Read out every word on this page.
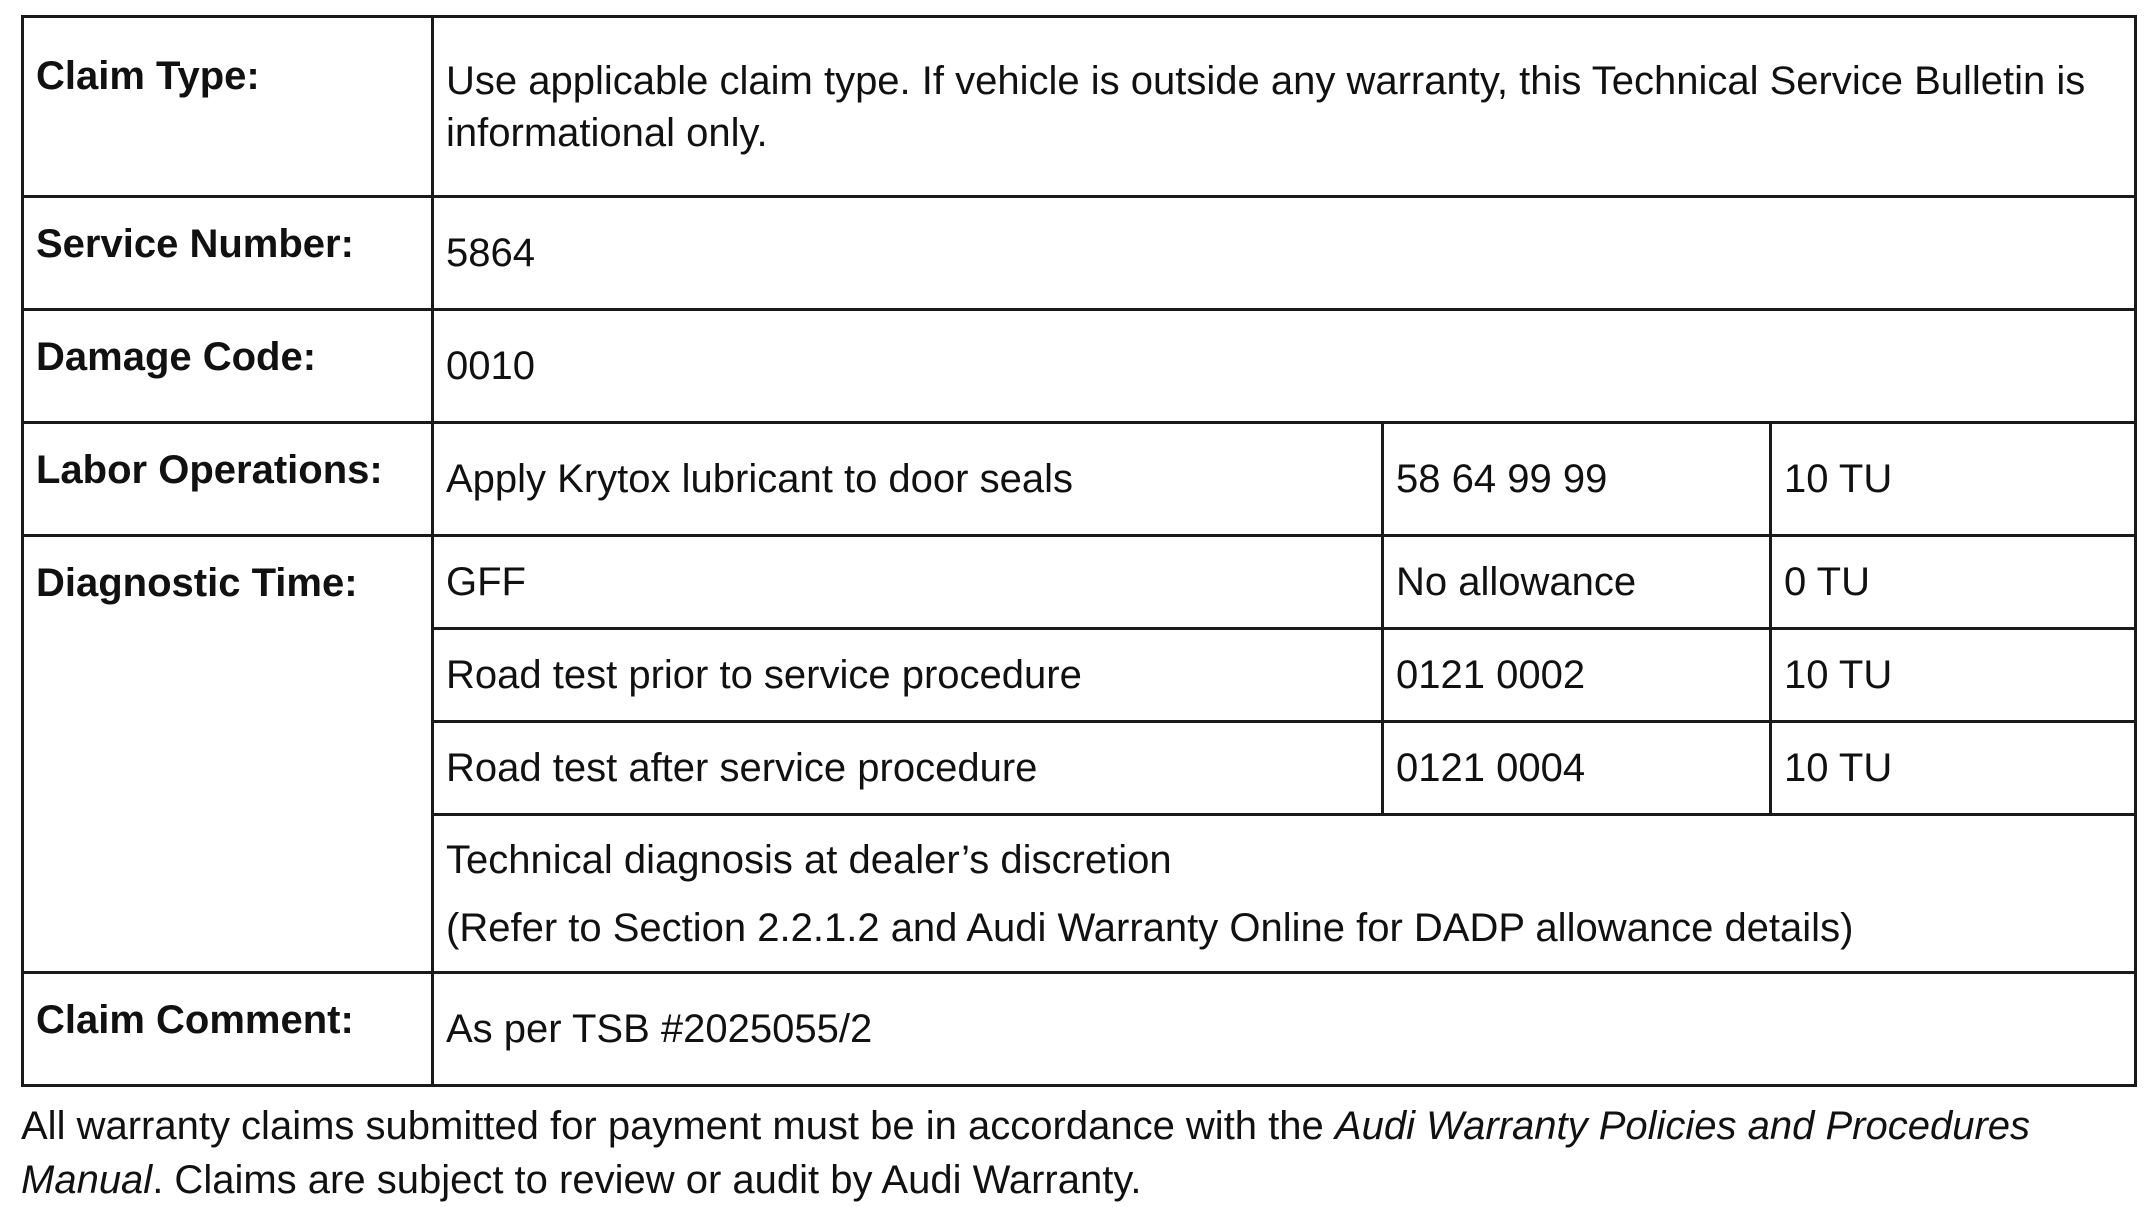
Claim Type:	Use applicable claim type. If vehicle is outside any warranty, this Technical Service Bulletin is informational only.		
Service Number:	5864		
Damage Code:	0010		
Labor Operations:	Apply Krytox lubricant to door seals	58 64 99 99	10 TU
Diagnostic Time:	GFF	No allowance	0 TU
	Road test prior to service procedure	0121 0002	10 TU
	Road test after service procedure	0121 0004	10 TU

	Technical diagnosis at dealer’s discretion
(Refer to Section 2.2.1.2 and Audi Warranty Online for DADP allowance details)		

Claim Comment:	As per TSB #2025055/2		
All warranty claims submitted for payment must be in accordance with the Audi Warranty Policies and Procedures Manual. Claims are subject to review or audit by Audi Warranty.
